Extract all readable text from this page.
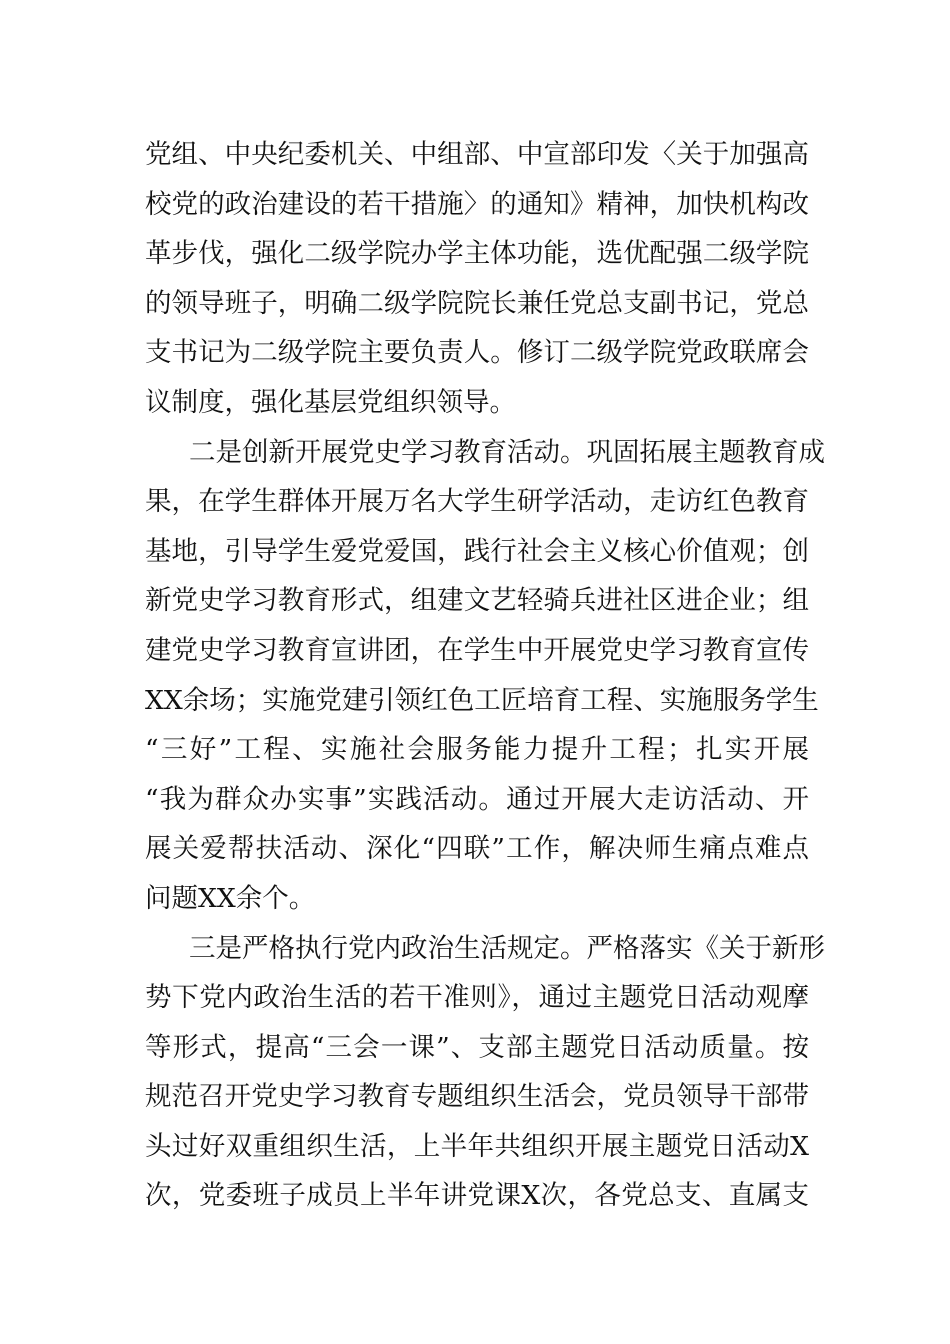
党组、中央纪委机关、中组部、中宣部印发〈关于加强高
校党的政治建设的若干措施〉的通知》精神，加快机构改
革步伐，强化二级学院办学主体功能，选优配强二级学院
的领导班子，明确二级学院院长兼任党总支副书记，党总
支书记为二级学院主要负责人。修订二级学院党政联席会
议制度，强化基层党组织领导。

二是创新开展党史学习教育活动。巩固拓展主题教育成
果，在学生群体开展万名大学生研学活动，走访红色教育
基地，引导学生爱党爱国，践行社会主义核心价值观；创
新党史学习教育形式，组建文艺轻骑兵进社区进企业；组
建党史学习教育宣讲团，在学生中开展党史学习教育宣传
XX余场；实施党建引领红色工匠培育工程、实施服务学生
“三好”工程、实施社会服务能力提升工程；扎实开展
“我为群众办实事”实践活动。通过开展大走访活动、开
展关爱帮扶活动、深化“四联”工作，解决师生痛点难点
问题XX余个。

三是严格执行党内政治生活规定。严格落实《关于新形
势下党内政治生活的若干准则》，通过主题党日活动观摩
等形式，提高“三会一课”、支部主题党日活动质量。按
规范召开党史学习教育专题组织生活会，党员领导干部带
头过好双重组织生活，上半年共组织开展主题党日活动X
次，党委班子成员上半年讲党课X次，各党总支、直属支
